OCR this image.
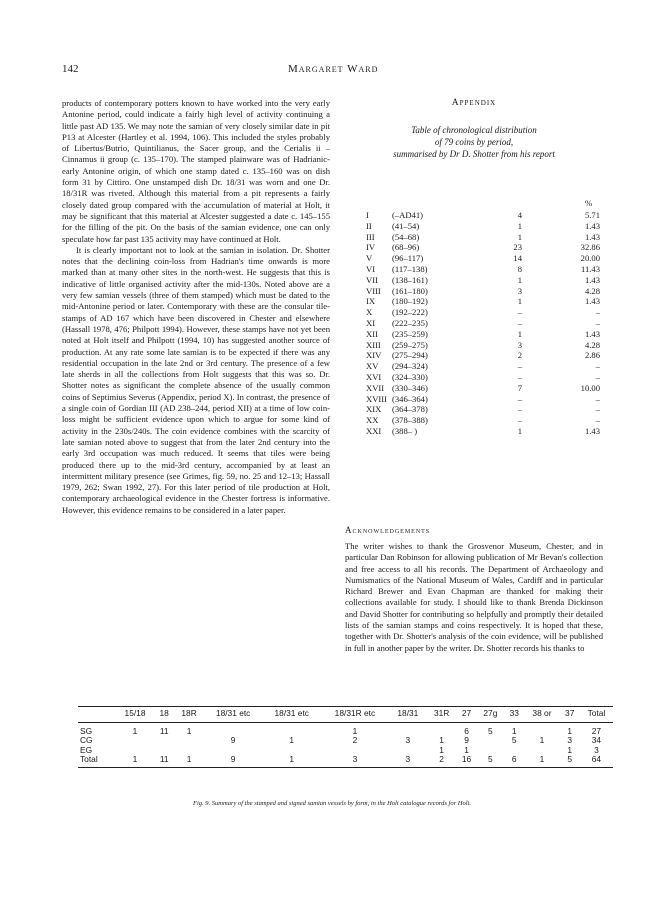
142	Margaret Ward

products of contemporary potters known to have worked into the very early Antonine period, could indicate a fairly high level of activity continuing a little past AD 135. We may note the samian of very closely similar date in pit P13 at Alcester (Hartley et al. 1994, 106). This included the styles probably of Libertus/Butrio, Quintilianus, the Sacer group, and the Cerialis ii – Cinnamus ii group (c. 135–170). The stamped plainware was of Hadrianic-early Antonine origin, of which one stamp dated c. 135–160 was on dish form 31 by Cittiro. One unstamped dish Dr. 18/31 was worn and one Dr. 18/31R was riveted. Although this material from a pit represents a fairly closely dated group compared with the accumulation of material at Holt, it may be significant that this material at Alcester suggested a date c. 145–155 for the filling of the pit. On the basis of the samian evidence, one can only speculate how far past 135 activity may have continued at Holt.

It is clearly important not to look at the samian in isolation. Dr. Shotter notes that the declining coin-loss from Hadrian's time onwards is more marked than at many other sites in the north-west. He suggests that this is indicative of little organised activity after the mid-130s. Noted above are a very few samian vessels (three of them stamped) which must be dated to the mid-Antonine period or later. Contemporary with these are the consular tile-stamps of AD 167 which have been discovered in Chester and elsewhere (Hassall 1978, 476; Philpott 1994). However, these stamps have not yet been noted at Holt itself and Philpott (1994, 10) has suggested another source of production. At any rate some late samian is to be expected if there was any residential occupation in the late 2nd or 3rd century. The presence of a few late sherds in all the collections from Holt suggests that this was so. Dr. Shotter notes as significant the complete absence of the usually common coins of Septimius Severus (Appendix, period X). In contrast, the presence of a single coin of Gordian III (AD 238–244, period XII) at a time of low coin-loss might be sufficient evidence upon which to argue for some kind of activity in the 230s/240s. The coin evidence combines with the scarcity of late samian noted above to suggest that from the later 2nd century into the early 3rd occupation was much reduced. It seems that tiles were being produced there up to the mid-3rd century, accompanied by at least an intermittent military presence (see Grimes, fig. 59, no. 25 and 12–13; Hassall 1979, 262; Swan 1992, 27). For this later period of tile production at Holt, contemporary archaeological evidence in the Chester fortress is informative. However, this evidence remains to be considered in a later paper.

Appendix
Table of chronological distribution
of 79 coins by period,
summarised by Dr D. Shotter from his report
%
I	(–AD41)	4	5.71
II	(41–54)	1	1.43
III	(54–68)	1	1.43
IV	(68–96)	23	32.86
V	(96–117)	14	20.00
VI	(117–138)	8	11.43
VII	(138–161)	1	1.43
VIII	(161–180)	3	4.28
IX	(180–192)	1	1.43
X	(192–222)	–	–
XI	(222–235)	–	–
XII	(235–259)	1	1.43
XIII	(259–275)	3	4.28
XIV	(275–294)	2	2.86
XV	(294–324)	–	–
XVI	(324–330)	–	–
XVII	(330–346)	7	10.00
XVIII	(346–364)	–	–
XIX	(364–378)	–	–
XX	(378–388)	–	–
XXI	(388– )	1	1.43
Acknowledgements

The writer wishes to thank the Grosvenor Museum, Chester, and in particular Dan Robinson for allowing publication of Mr Bevan's collection and free access to all his records. The Department of Archaeology and Numismatics of the National Museum of Wales, Cardiff and in particular Richard Brewer and Evan Chapman are thanked for making their collections available for study. I should like to thank Brenda Dickinson and David Shotter for contributing so helpfully and promptly their detailed lists of the samian stamps and coins respectively. It is hoped that these, together with Dr. Shotter's analysis of the coin evidence, will be published in full in another paper by the writer. Dr. Shotter records his thanks to

	15/18	18	18R	18/31 etc	18/31 etc	18/31R etc	18/31	31R	27	27g	33	38 or	37	Total
SG	1	11	1			1			6	5	1		1	27
CG				9	1	2	3	1	9		5	1	3	34
EG								1	1				1	3
Total	1	11	1	9	1	3	3	2	16	5	6	1	5	64
Fig. 9. Summary of the stamped and signed samian vessels by form, in the Holt catalogue records for Holt.
